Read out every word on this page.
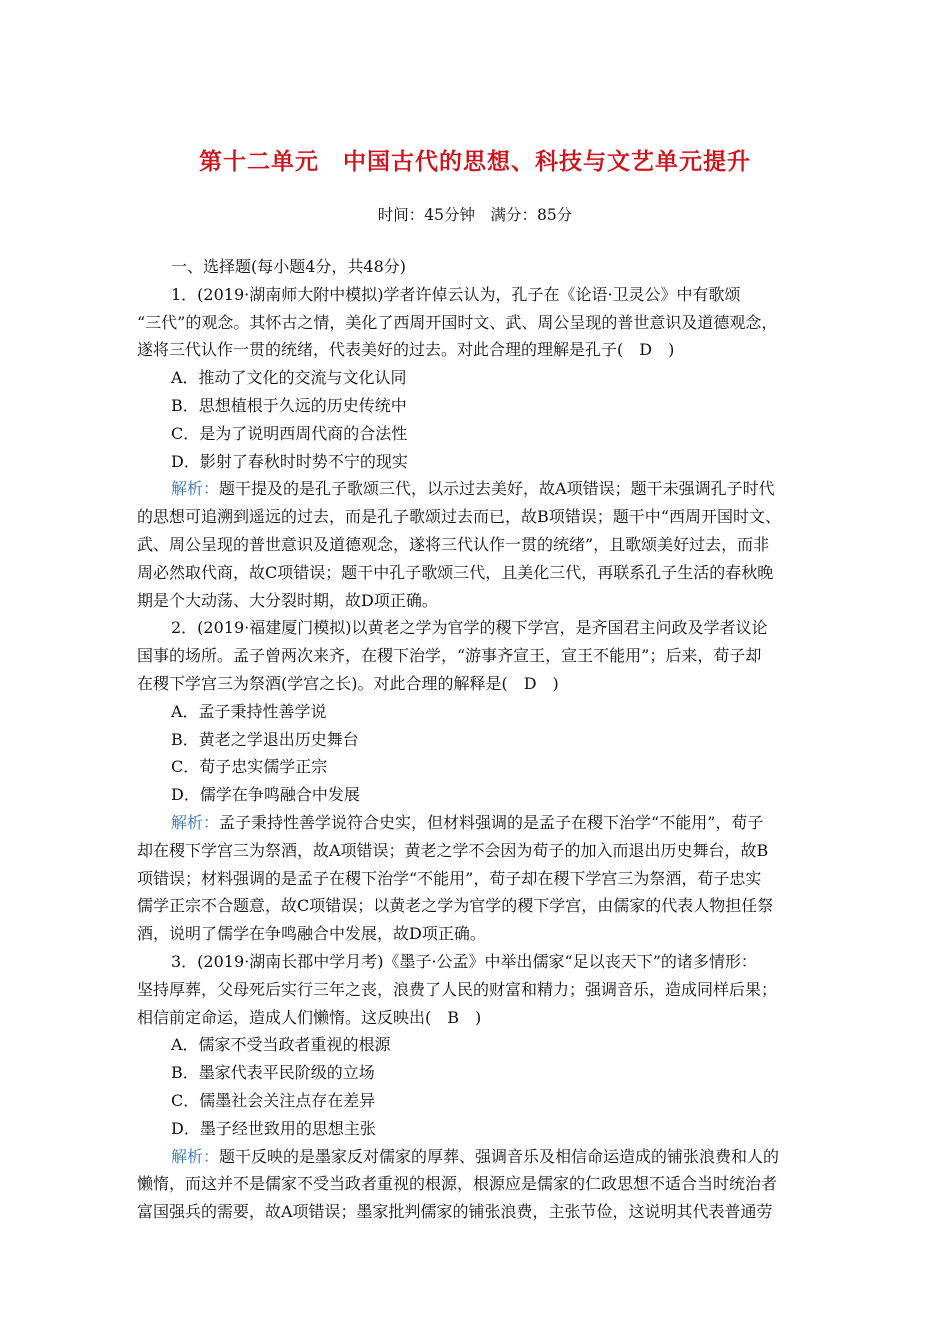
第十二单元　中国古代的思想、科技与文艺单元提升
时间：45分钟　满分：85分
一、选择题(每小题4分，共48分)
1．(2019·湖南师大附中模拟)学者许倬云认为，孔子在《论语·卫灵公》中有歌颂
“三代”的观念。其怀古之情，美化了西周开国时文、武、周公呈现的普世意识及道德观念，
遂将三代认作一贯的统绪，代表美好的过去。对此合理的理解是孔子(　D　)
A．推动了文化的交流与文化认同
B．思想植根于久远的历史传统中
C．是为了说明西周代商的合法性
D．影射了春秋时时势不宁的现实
解析：题干提及的是孔子歌颂三代，以示过去美好，故A项错误；题干未强调孔子时代
的思想可追溯到遥远的过去，而是孔子歌颂过去而已，故B项错误；题干中“西周开国时文、
武、周公呈现的普世意识及道德观念，遂将三代认作一贯的统绪”，且歌颂美好过去，而非
周必然取代商，故C项错误；题干中孔子歌颂三代，且美化三代，再联系孔子生活的春秋晚
期是个大动荡、大分裂时期，故D项正确。
2．(2019·福建厦门模拟)以黄老之学为官学的稷下学宫，是齐国君主问政及学者议论
国事的场所。孟子曾两次来齐，在稷下治学，“游事齐宣王，宣王不能用”；后来，荀子却
在稷下学宫三为祭酒(学宫之长)。对此合理的解释是(　D　)
A．孟子秉持性善学说
B．黄老之学退出历史舞台
C．荀子忠实儒学正宗
D．儒学在争鸣融合中发展
解析：孟子秉持性善学说符合史实，但材料强调的是孟子在稷下治学“不能用”，荀子
却在稷下学宫三为祭酒，故A项错误；黄老之学不会因为荀子的加入而退出历史舞台，故B
项错误；材料强调的是孟子在稷下治学“不能用”，荀子却在稷下学宫三为祭酒，荀子忠实
儒学正宗不合题意，故C项错误；以黄老之学为官学的稷下学宫，由儒家的代表人物担任祭
酒，说明了儒学在争鸣融合中发展，故D项正确。
3．(2019·湖南长郡中学月考)《墨子·公孟》中举出儒家“足以丧天下”的诸多情形：
坚持厚葬，父母死后实行三年之丧，浪费了人民的财富和精力；强调音乐，造成同样后果；
相信前定命运，造成人们懒惰。这反映出(　B　)
A．儒家不受当政者重视的根源
B．墨家代表平民阶级的立场
C．儒墨社会关注点存在差异
D．墨子经世致用的思想主张
解析：题干反映的是墨家反对儒家的厚葬、强调音乐及相信命运造成的铺张浪费和人的
懒惰，而这并不是儒家不受当政者重视的根源，根源应是儒家的仁政思想不适合当时统治者
富国强兵的需要，故A项错误；墨家批判儒家的铺张浪费，主张节俭，这说明其代表普通劳
